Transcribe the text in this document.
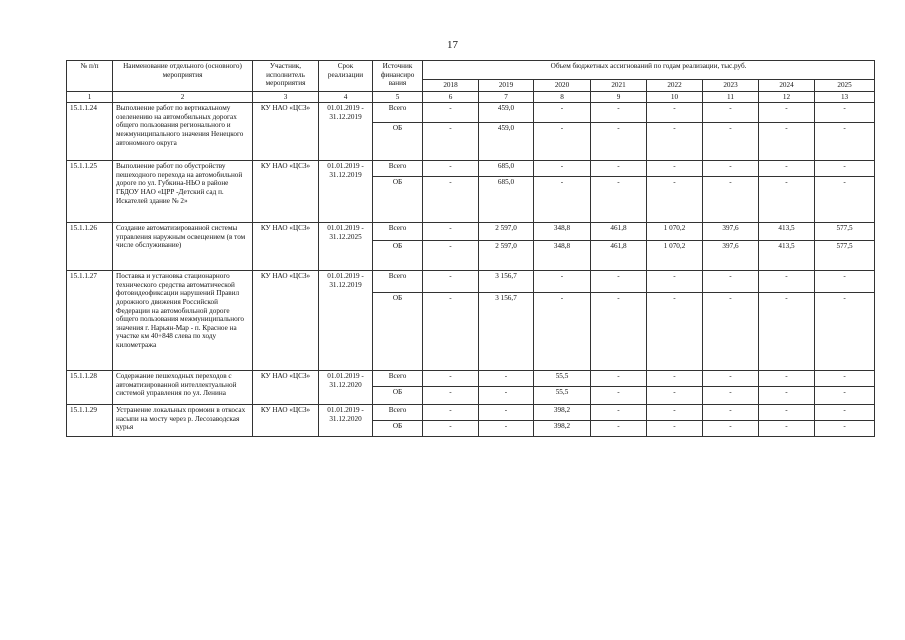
17
№ п/п	Наименование отдельного (основного) мероприятия	Участник, исполнитель мероприятия	Срок реализации	Источник финансиро вания	Объем бюджетных ассигнований по годам реализации, тыс.руб.							
					2018	2019	2020	2021	2022	2023	2024	2025
1	2	3	4	5	6	7	8	9	10	11	12	13
15.1.1.24	Выполнение работ по вертикальному озеленению на автомобильных дорогах общего пользования регионального и межмуниципального значения Ненецкого автономного округа	КУ НАО «ЦСЗ»	01.01.2019 - 31.12.2019	Всего	-	459,0	-	-	-	-	-	-
				ОБ	-	459,0	-	-	-	-	-	-
15.1.1.25	Выполнение работ по обустройству пешеходного перехода на автомобильной дороге по ул. Губкина-НЬО в районе ГБДОУ НАО «ЦРР -Детский сад п. Искателей здание № 2»	КУ НАО «ЦСЗ»	01.01.2019 - 31.12.2019	Всего	-	685,0	-	-	-	-	-	-
				ОБ	-	685,0	-	-	-	-	-	-
15.1.1.26	Создание автоматизированной системы управления наружным освещением (в том числе обслуживание)	КУ НАО «ЦСЗ»	01.01.2019 - 31.12.2025	Всего	-	2 597,0	348,8	461,8	1 070,2	397,6	413,5	577,5
				ОБ	-	2 597,0	348,8	461,8	1 070,2	397,6	413,5	577,5
15.1.1.27	Поставка и установка стационарного технического средства автоматической фотовидеофиксации нарушений Правил дорожного движения Российской Федерации на автомобильной дороге общего пользования межмуниципального значения г. Нарьян-Мар - п. Красное на участке км 40+848 слева по ходу километража	КУ НАО «ЦСЗ»	01.01.2019 - 31.12.2019	Всего	-	3 156,7	-	-	-	-	-	-
				ОБ	-	3 156,7	-	-	-	-	-	-
15.1.1.28	Содержание пешеходных переходов с автоматизированной интеллектуальной системой управления по ул. Ленина	КУ НАО «ЦСЗ»	01.01.2019 - 31.12.2020	Всего	-	-	55,5	-	-	-	-	-
				ОБ	-	-	55,5	-	-	-	-	-
15.1.1.29	Устранение локальных промоин в откосах насыпи на мосту через р. Лесозаводская курья	КУ НАО «ЦСЗ»	01.01.2019 - 31.12.2020	Всего	-	-	398,2	-	-	-	-	-
				ОБ	-	-	398,2	-	-	-	-	-
